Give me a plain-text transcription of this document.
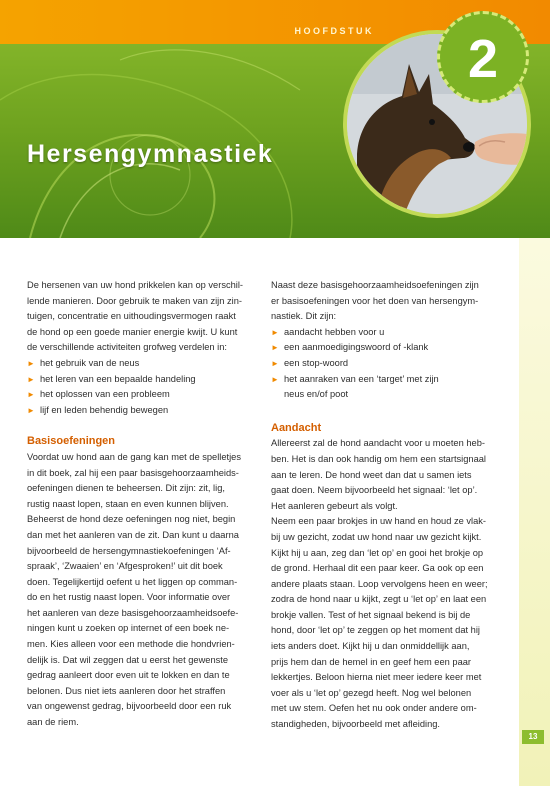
HOOFDSTUK
Hersengymnastiek
2

De hersenen van uw hond prikkelen kan op verschil-
lende manieren. Door gebruik te maken van zijn zin-
tuigen, concentratie en uithoudingsvermogen raakt
de hond op een goede manier energie kwijt. U kunt
de verschillende activiteiten grofweg verdelen in:

► het gebruik van de neus
► het leren van een bepaalde handeling
► het oplossen van een probleem
► lijf en leden behendig bewegen
Basisoefeningen

Voordat uw hond aan de gang kan met de spelletjes
in dit boek, zal hij een paar basisgehoorzaamheids-
oefeningen dienen te beheersen. Dit zijn: zit, lig,
rustig naast lopen, staan en even kunnen blijven.
Beheerst de hond deze oefeningen nog niet, begin
dan met het aanleren van de zit. Dan kunt u daarna
bijvoorbeeld de hersengymnastiekoefeningen ‘Af-
spraak’, ‘Zwaaien’ en ‘Afgesproken!’ uit dit boek
doen. Tegelijkertijd oefent u het liggen op comman-
do en het rustig naast lopen. Voor informatie over
het aanleren van deze basisgehoorzaamheidsoefe-
ningen kunt u zoeken op internet of een boek ne-
men. Kies alleen voor een methode die hondvrien-
delijk is. Dat wil zeggen dat u eerst het gewenste
gedrag aanleert door even uit te lokken en dan te
belonen. Dus niet iets aanleren door het straffen
van ongewenst gedrag, bijvoorbeeld door een ruk
aan de riem.

Naast deze basisgehoorzaamheidsoefeningen zijn
er basisoefeningen voor het doen van hersengym-
nastiek. Dit zijn:

► aandacht hebben voor u
► een aanmoedigingswoord of -klank
► een stop-woord
► het aanraken van een ‘target’ met zijn
neus en/of poot
Aandacht

Allereerst zal de hond aandacht voor u moeten heb-
ben. Het is dan ook handig om hem een startsignaal
aan te leren. De hond weet dan dat u samen iets
gaat doen. Neem bijvoorbeeld het signaal: ‘let op’.
Het aanleren gebeurt als volgt.
Neem een paar brokjes in uw hand en houd ze vlak-
bij uw gezicht, zodat uw hond naar uw gezicht kijkt.
Kijkt hij u aan, zeg dan ‘let op’ en gooi het brokje op
de grond. Herhaal dit een paar keer. Ga ook op een
andere plaats staan. Loop vervolgens heen en weer;
zodra de hond naar u kijkt, zegt u ‘let op’ en laat een
brokje vallen. Test of het signaal bekend is bij de
hond, door ‘let op’ te zeggen op het moment dat hij
iets anders doet. Kijkt hij u dan onmiddellijk aan,
prijs hem dan de hemel in en geef hem een paar
lekkertjes. Beloon hierna niet meer iedere keer met
voer als u ‘let op’ gezegd heeft. Nog wel belonen
met uw stem. Oefen het nu ook onder andere om-
standigheden, bijvoorbeeld met afleiding.

13
